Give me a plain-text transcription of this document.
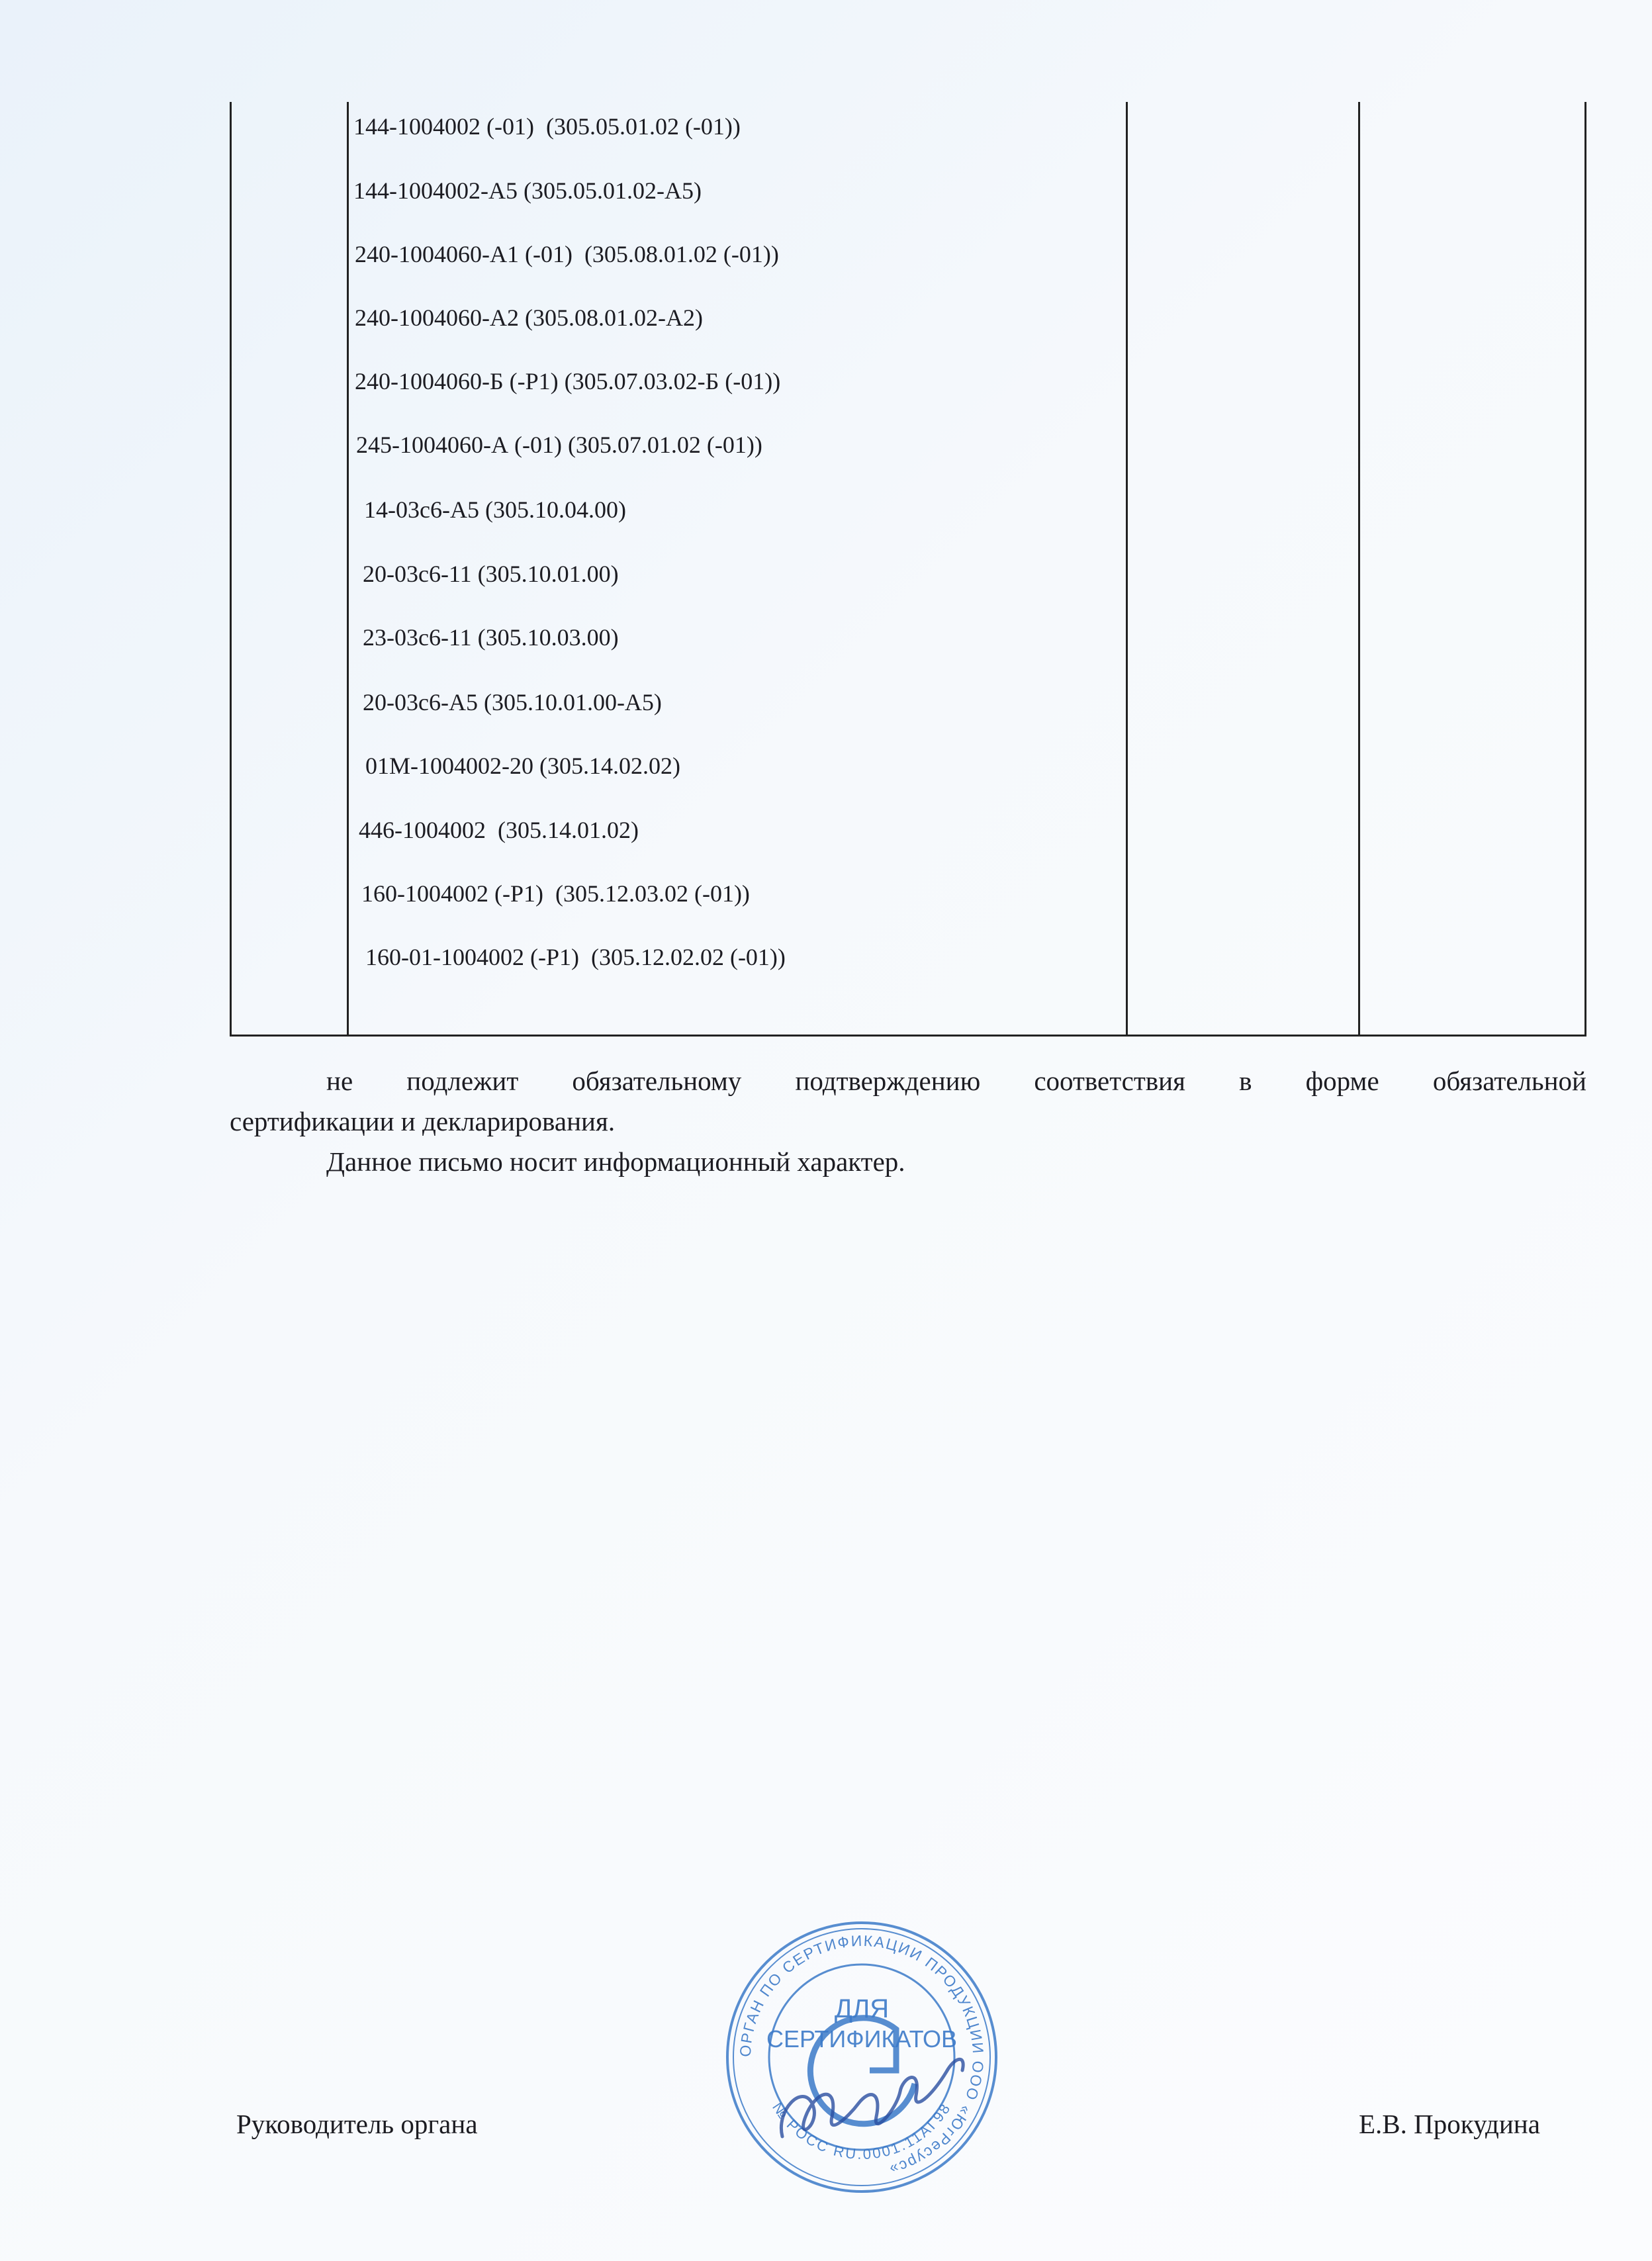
144-1004002 (-01)  (305.05.01.02 (-01))
144-1004002-А5 (305.05.01.02-А5)
240-1004060-А1 (-01)  (305.08.01.02 (-01))
240-1004060-А2 (305.08.01.02-А2)
240-1004060-Б (-Р1) (305.07.03.02-Б (-01))
245-1004060-А (-01) (305.07.01.02 (-01))
14-03с6-А5 (305.10.04.00)
20-03с6-11 (305.10.01.00)
23-03с6-11 (305.10.03.00)
20-03с6-А5 (305.10.01.00-А5)
01М-1004002-20 (305.14.02.02)
446-1004002  (305.14.01.02)
160-1004002 (-Р1)  (305.12.03.02 (-01))
160-01-1004002 (-Р1)  (305.12.02.02 (-01))
не подлежит обязательному подтверждению соответствия в форме обязательной
сертификации и декларирования.
Данное письмо носит информационный характер.
Руководитель органа	Е.В. Прокудина
ОРГАН ПО СЕРТИФИКАЦИИ ПРОДУКЦИИ ООО «ЮгРесурс»
№ РОСС RU.0001.11АГ98
ДЛЯ
СЕРТИФИКАТОВ
